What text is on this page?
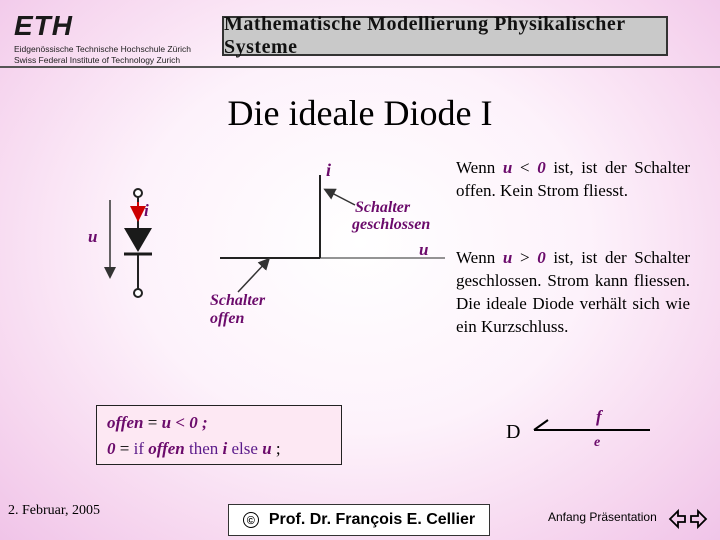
ETH
Eidgenössische Technische Hochschule Zürich
Swiss Federal Institute of Technology Zurich
Mathematische Modellierung Physikalischer Systeme
Die ideale Diode I
i
u
i
u
Schalter
geschlossen
Schalter
offen
Wenn u < 0 ist, ist der Schalter offen. Kein Strom fliesst.
Wenn u > 0 ist, ist der Schalter geschlossen. Strom kann fliessen. Die ideale Diode verhält sich wie ein Kurzschluss.
offen = u < 0 ;
0 = if offen then i else u ;
D
f
e
2. Februar, 2005
© Prof. Dr. François E. Cellier	Anfang Präsentation
